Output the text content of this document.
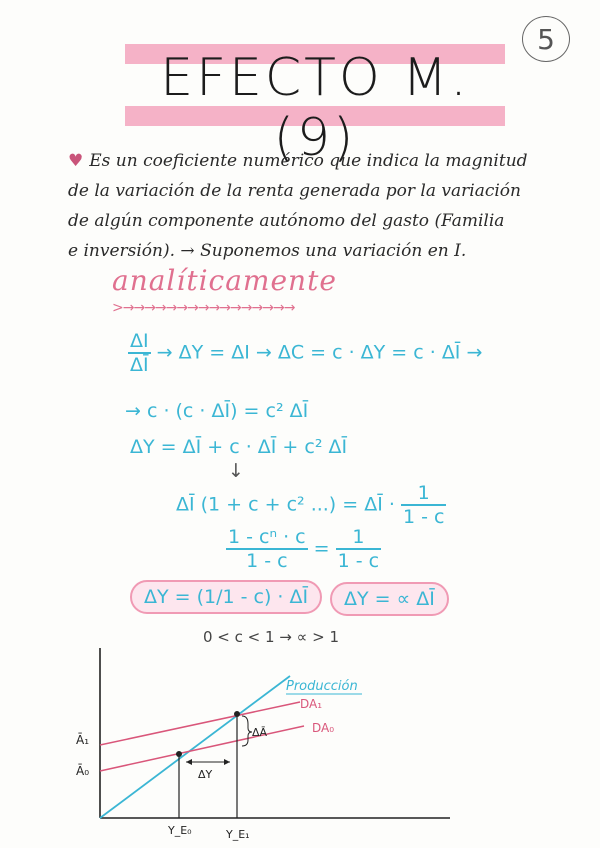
5
EFECTO M. (9)
♥ Es un coeficiente numérico que indica la magnitud
de la variación de la renta generada por la variación
de algún componente autónomo del gasto (Familia
e inversión). → Suponemos una variación en I.
analíticamente
>→→→→→→→→→→→→→→→→
$\frac{\Delta I}{\Delta Ī} \to \Delta Y = \Delta I \to \Delta C = c \cdot \Delta Y = c$ · ΔĪ →
→ c · (c · ΔĪ) = c² ΔĪ
ΔY = ΔĪ + c · ΔĪ + c² ΔĪ
↓
ΔĪ (1 + c + c² ...) = ΔĪ · $\frac{1}{1 - c}$
$\frac{\text{1 - cⁿ · c}}{1 - c} = \frac{1}{1 - c}$
ΔY = (1/1 - c) · ΔĪ	ΔY = ∝ ΔĪ
0 < c < 1 → ∝ > 1
Producción
DA₁
DA₀
Ā₁
Ā₀
ΔĀ
ΔY
Y_E₀	Y_E₁
